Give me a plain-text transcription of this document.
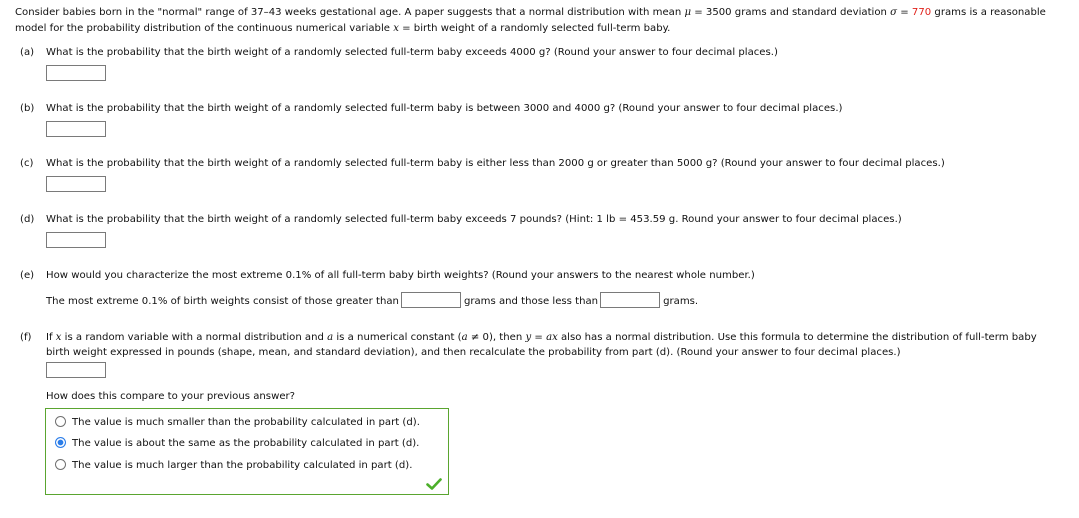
Consider babies born in the "normal" range of 37–43 weeks gestational age. A paper suggests that a normal distribution with mean μ = 3500 grams and standard deviation σ = 770 grams is a reasonable model for the probability distribution of the continuous numerical variable x = birth weight of a randomly selected full-term baby.
(a) What is the probability that the birth weight of a randomly selected full-term baby exceeds 4000 g? (Round your answer to four decimal places.)
(b) What is the probability that the birth weight of a randomly selected full-term baby is between 3000 and 4000 g? (Round your answer to four decimal places.)
(c) What is the probability that the birth weight of a randomly selected full-term baby is either less than 2000 g or greater than 5000 g? (Round your answer to four decimal places.)
(d) What is the probability that the birth weight of a randomly selected full-term baby exceeds 7 pounds? (Hint: 1 lb = 453.59 g. Round your answer to four decimal places.)
(e) How would you characterize the most extreme 0.1% of all full-term baby birth weights? (Round your answers to the nearest whole number.)
The most extreme 0.1% of birth weights consist of those greater than	grams and those less than	grams.
(f)	If x is a random variable with a normal distribution and a is a numerical constant (a ≠ 0), then y = ax also has a normal distribution. Use this formula to determine the distribution of full-term baby birth weight expressed in pounds (shape, mean, and standard deviation), and then recalculate the probability from part (d). (Round your answer to four decimal places.)
How does this compare to your previous answer?
The value is much smaller than the probability calculated in part (d).
The value is about the same as the probability calculated in part (d).
The value is much larger than the probability calculated in part (d).
